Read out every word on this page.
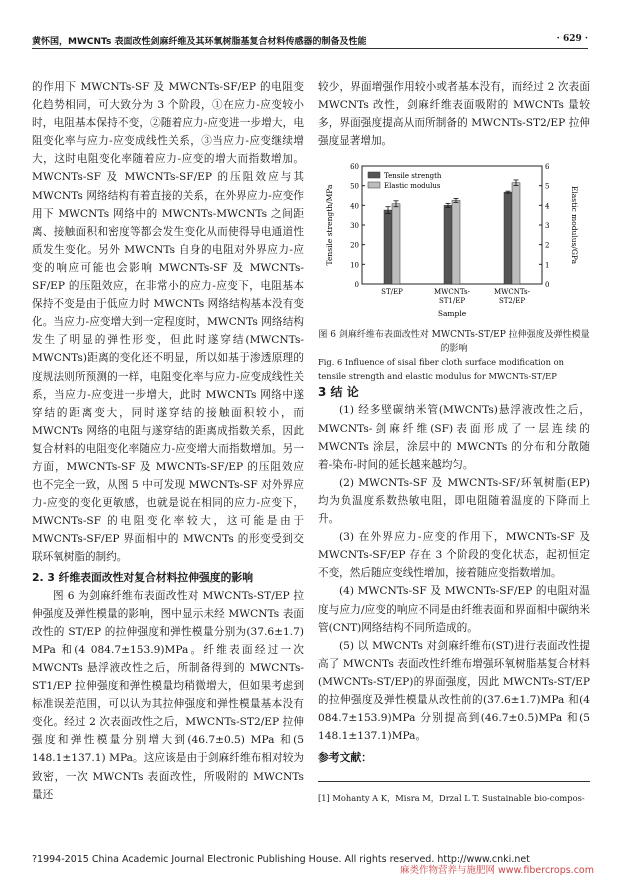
黄怀国，MWCNTs 表面改性剑麻纤维及其环氧树脂基复合材料传感器的制备及性能	· 629 ·

的作用下 MWCNTs-SF 及 MWCNTs-SF/EP 的电阻变化趋势相同，可大致分为 3 个阶段，①在应力-应变较小时，电阻基本保持不变，②随着应力-应变进一步增大，电阻变化率与应力-应变成线性关系，③当应力-应变继续增大，这时电阻变化率随着应力-应变的增大而指数增加。MWCNTs-SF 及 MWCNTs-SF/EP 的压阻效应与其 MWCNTs 网络结构有着直接的关系，在外界应力-应变作用下 MWCNTs 网络中的 MWCNTs-MWCNTs 之间距离、接触面积和密度等都会发生变化从而使得导电通道性质发生变化。另外 MWCNTs 自身的电阻对外界应力-应变的响应可能也会影响 MWCNTs-SF 及 MWCNTs-SF/EP 的压阻效应，在非常小的应力-应变下，电阻基本保持不变是由于低应力时 MWCNTs 网络结构基本没有变化。当应力-应变增大到一定程度时，MWCNTs 网络结构发生了明显的弹性形变，但此时遂穿结(MWCNTs-MWCNTs)距离的变化还不明显，所以如基于渗透原理的度规法则所预测的一样，电阻变化率与应力-应变成线性关系，当应力-应变进一步增大，此时 MWCNTs 网络中遂穿结的距离变大，同时遂穿结的接触面积较小，而 MWCNTs 网络的电阻与遂穿结的距离成指数关系，因此复合材料的电阻变化率随应力-应变增大而指数增加。另一方面，MWCNTs-SF 及 MWCNTs-SF/EP 的压阻效应也不完全一致，从图 5 中可发现 MWCNTs-SF 对外界应力-应变的变化更敏感，也就是说在相同的应力-应变下，MWCNTs-SF 的电阻变化率较大，这可能是由于 MWCNTs-SF/EP 界面相中的 MWCNTs 的形变受到交联环氧树脂的制约。

2. 3 纤维表面改性对复合材料拉伸强度的影响

图 6 为剑麻纤维布表面改性对 MWCNTs-ST/EP 拉伸强度及弹性模量的影响，图中显示未经 MWCNTs 表面改性的 ST/EP 的拉伸强度和弹性模量分别为(37.6±1.7) MPa 和(4 084.7±153.9)MPa。纤维表面经过一次 MWCNTs 悬浮液改性之后，所制备得到的 MWCNTs-ST1/EP 拉伸强度和弹性模量均稍微增大，但如果考虑到标准误差范围，可以认为其拉伸强度和弹性模量基本没有变化。经过 2 次表面改性之后，MWCNTs-ST2/EP 拉伸强度和弹性模量分别增大到(46.7±0.5) MPa 和(5 148.1±137.1) MPa。这应该是由于剑麻纤维布相对较为致密，一次 MWCNTs 表面改性，所吸附的 MWCNTs 量还

较少，界面增强作用较小或者基本没有，而经过 2 次表面 MWCNTs 改性，剑麻纤维表面吸附的 MWCNTs 量较多，界面强度提高从而所制备的 MWCNTs-ST2/EP 拉伸强度显著增加。

0
10
20
30
40
50
60
0
1
2
3
4
5
6
Tensile strength/MPa	Elastic modulus/GPa
ST/EP	MWCNTs-
ST1/EP
MWCNTs-
ST2/EP
Sample
Tensile strength
Elastic modulus

图 6 剑麻纤维布表面改性对 MWCNTs-ST/EP 拉伸强度及弹性模量的影响

Fig. 6 Influence of sisal fiber cloth surface modification on tensile strength and elastic modulus for MWCNTs-ST/EP

3 结 论

(1) 经多壁碳纳米管(MWCNTs)悬浮液改性之后，MWCNTs-剑麻纤维(SF)表面形成了一层连续的 MWCNTs 涂层，涂层中的 MWCNTs 的分布和分散随着-染布-时间的延长越来越均匀。

(2) MWCNTs-SF 及 MWCNTs-SF/环氧树脂(EP)均为负温度系数热敏电阻，即电阻随着温度的下降而上升。

(3) 在外界应力-应变的作用下，MWCNTs-SF 及 MWCNTs-SF/EP 存在 3 个阶段的变化状态，起初恒定不变，然后随应变线性增加，接着随应变指数增加。

(4) MWCNTs-SF 及 MWCNTs-SF/EP 的电阻对温度与应力/应变的响应不同是由纤维表面和界面相中碳纳米管(CNT)网络结构不同所造成的。

(5) 以 MWCNTs 对剑麻纤维布(ST)进行表面改性提高了 MWCNTs 表面改性纤维布增强环氧树脂基复合材料(MWCNTs-ST/EP)的界面强度，因此 MWCNTs-ST/EP 的拉伸强度及弹性模量从改性前的(37.6±1.7)MPa 和(4 084.7±153.9)MPa 分别提高到(46.7±0.5)MPa 和(5 148.1±137.1)MPa。

参考文献：

[1] Mohanty A K，Misra M，Drzal L T. Sustainable bio-compos-
?1994-2015 China Academic Journal Electronic Publishing House. All rights reserved. http://www.cnki.net
麻类作物营养与施肥网 www.fibercrops.com
